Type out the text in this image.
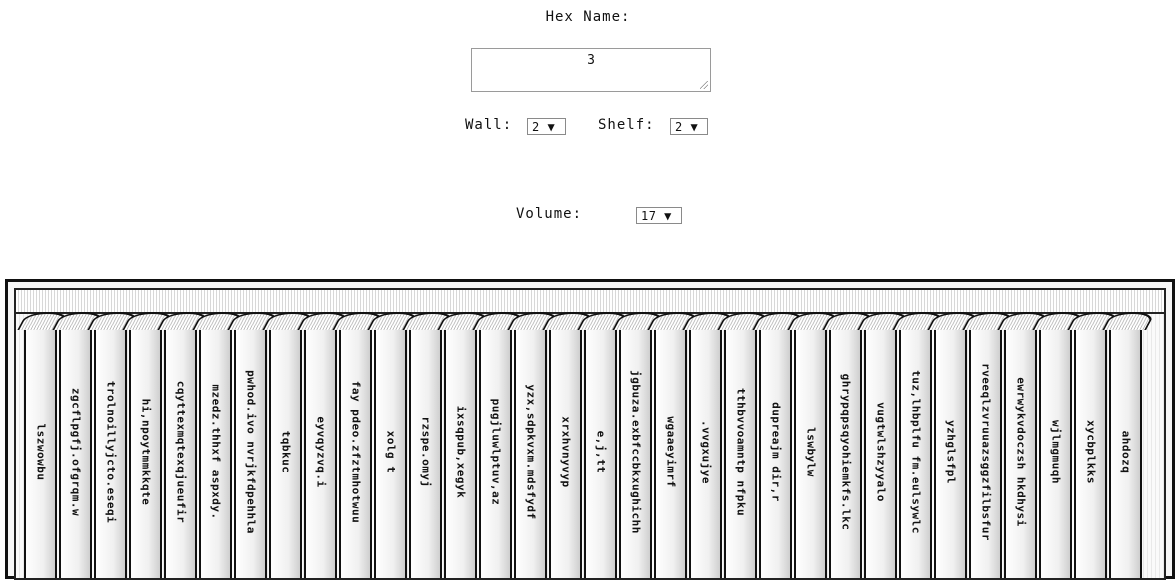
Hex Name:
3
Wall:	2 ▼	Shelf:	2 ▼
Volume:	17 ▼
lszwowbu zgcflpgfj.ofgrqm.w trolnoillyjcto.eseqi hi,npoytmmkkqte cqyttexmqtexqjueufir mzedz.thhxf aspxdy. pwhod.ivo nvrjkfdpehhla tqbkuc eyvqyzvq.i fay pdeo.zfztmhotwuu xolg t rzspe.omyj ixsqpub,xegyk pugjluwlptuv,az yzx,sdpkvxm.mdsfydf xrxhvnyvyp e,j,tt jgbuza.exbfccbkxughichh wgaaeyimrf .vvgxujye tthbvvoamntp nfpku dupreajm dir,r lswbylw ghrypqpsqyohiemkfs.lkc vugtwlshzyyalo tuz,lhbplfu fm.eulsywlc yzhglsfpl rveeqlzvruuazsggzfilbsfur ewrwykvdoczsh hkdhysi wjlmgmuqh xycbplkks ahdozq
